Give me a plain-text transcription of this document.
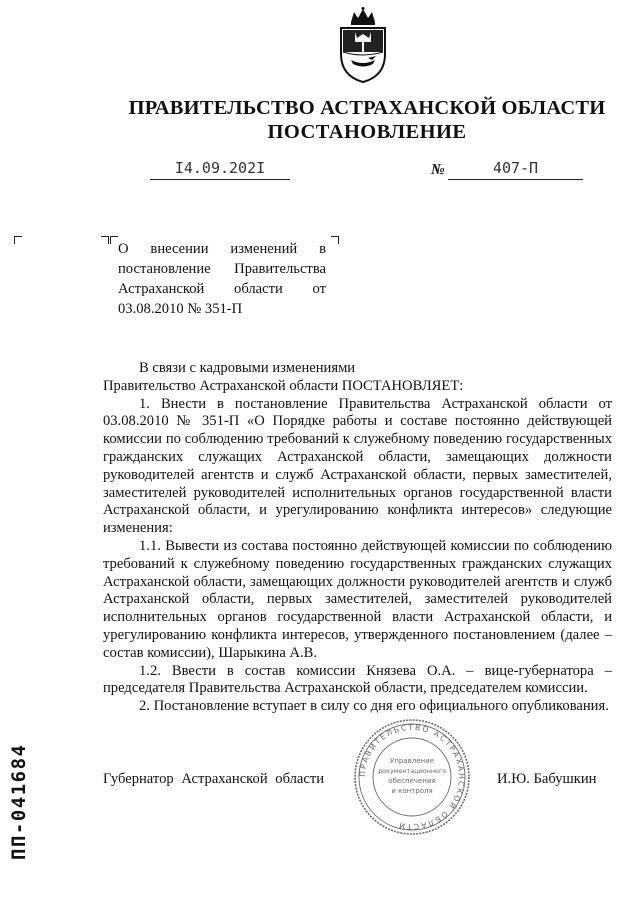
ПРАВИТЕЛЬСТВО АСТРАХАНСКОЙ ОБЛАСТИ
ПОСТАНОВЛЕНИЕ
I4.09.202I	№	407-П
О внесении изменений в постановление Правительства Астраханской области от 03.08.2010 № 351-П

В связи с кадровыми изменениями

Правительство Астраханской области ПОСТАНОВЛЯЕТ:

1. Внести в постановление Правительства Астраханской области от 03.08.2010 № 351-П «О Порядке работы и составе постоянно действующей комиссии по соблюдению требований к служебному поведению государственных гражданских служащих Астраханской области, замещающих должности руководителей агентств и служб Астраханской области, первых заместителей, заместителей руководителей исполнительных органов государственной власти Астраханской области, и урегулированию конфликта интересов» следующие изменения:

1.1. Вывести из состава постоянно действующей комиссии по соблюдению требований к служебному поведению государственных гражданских служащих Астраханской области, замещающих должности руководителей агентств и служб Астраханской области, первых заместителей, заместителей руководителей исполнительных органов государственной власти Астраханской области, и урегулированию конфликта интересов, утвержденного постановлением (далее – состав комиссии), Шарыкина А.В.

1.2. Ввести в состав комиссии Князева О.А. – вице-губернатора – председателя Правительства Астраханской области, председателем комиссии.

2. Постановление вступает в силу со дня его официального опубликования.

Губернатор Астраханской области	И.Ю. Бабушкин
ПРАВИТЕЛЬСТВО АСТРАХАНСКОЙ ОБЛАСТИ
Управление
документационного
обеспечения
и контроля
ПП-041684
